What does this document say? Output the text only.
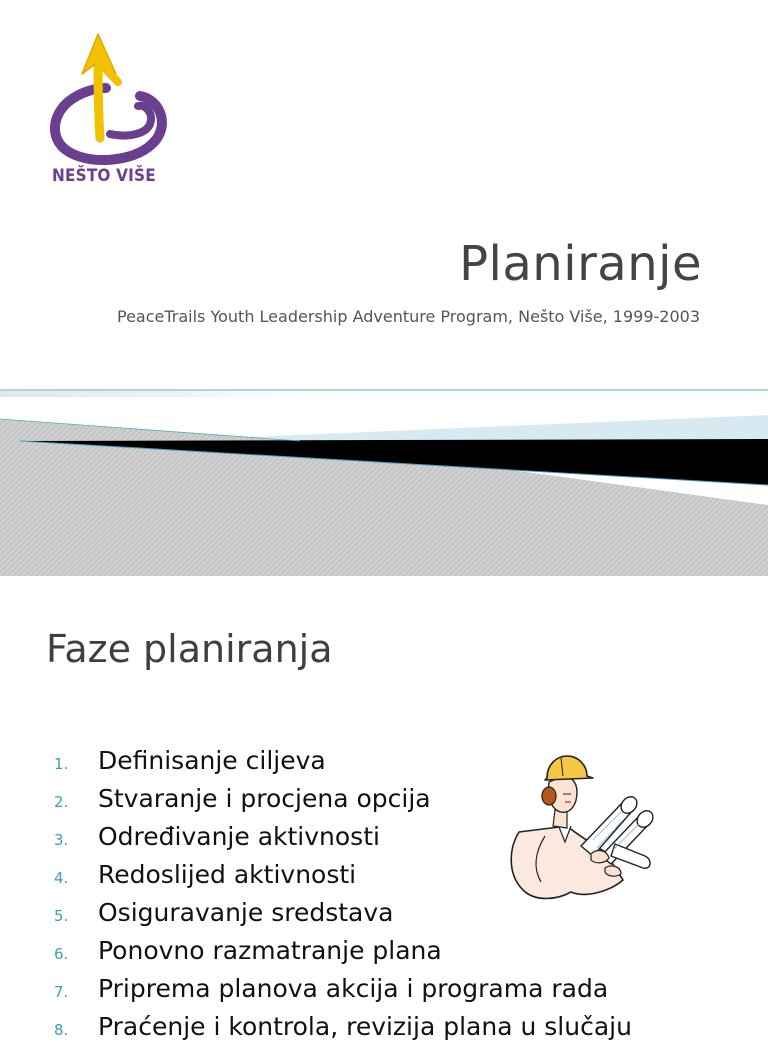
NEŠTO VIŠE
Planiranje

PeaceTrails Youth Leadership Adventure Program, Nešto Više, 1999-2003

Faze planiranja
1. Definisanje ciljeva
2. Stvaranje i procjena opcija
3. Određivanje aktivnosti
4. Redoslijed aktivnosti
5. Osiguravanje sredstava
6. Ponovno razmatranje plana
7. Priprema planova akcija i programa rada
8. Praćenje i kontrola, revizija plana u slučaju
